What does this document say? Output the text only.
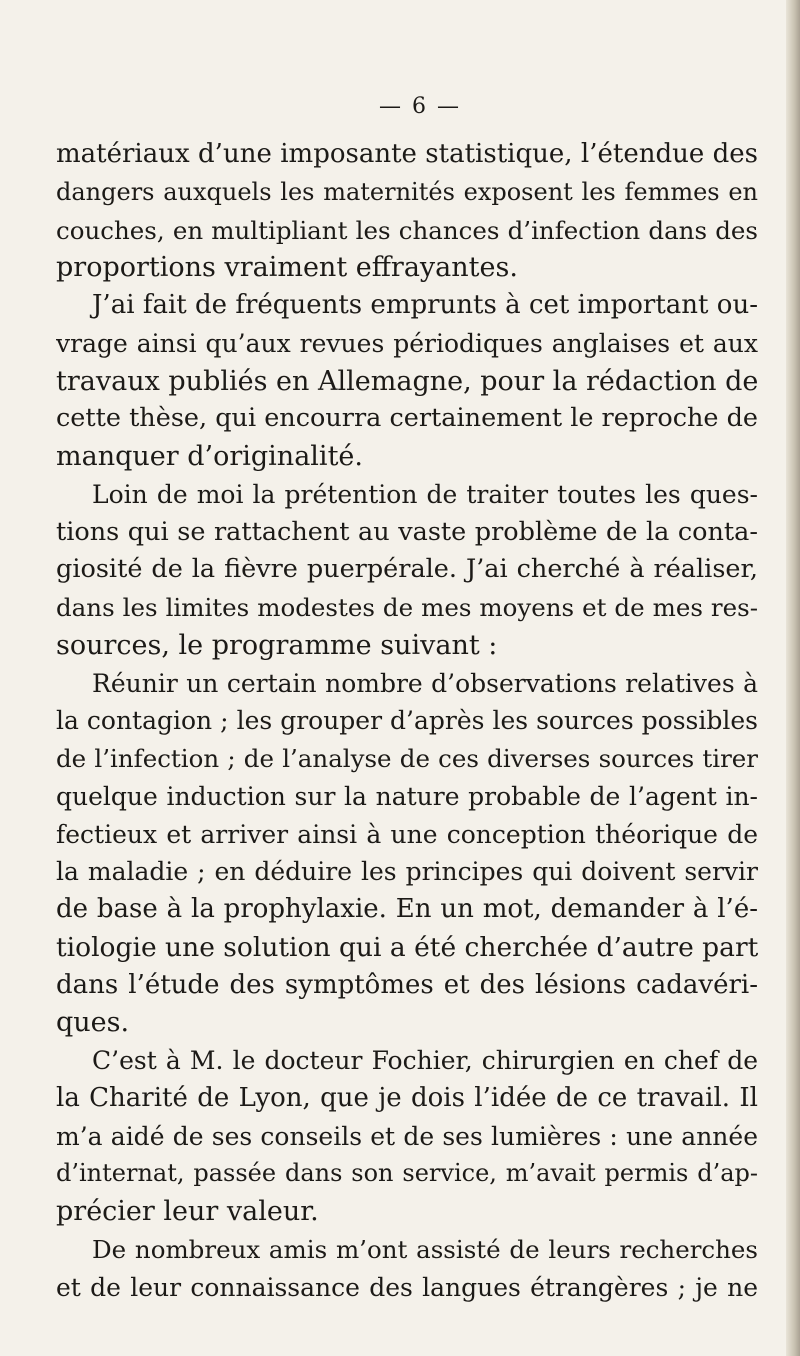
— 6 —
matériaux d’une imposante statistique, l’étendue des
dangers auxquels les maternités exposent les femmes en
couches, en multipliant les chances d’infection dans des
proportions vraiment effrayantes.
J’ai fait de fréquents emprunts à cet important ou-
vrage ainsi qu’aux revues périodiques anglaises et aux
travaux publiés en Allemagne, pour la rédaction de
cette thèse, qui encourra certainement le reproche de
manquer d’originalité.
Loin de moi la prétention de traiter toutes les ques-
tions qui se rattachent au vaste problème de la conta-
giosité de la fièvre puerpérale. J’ai cherché à réaliser,
dans les limites modestes de mes moyens et de mes res-
sources, le programme suivant :
Réunir un certain nombre d’observations relatives à
la contagion ; les grouper d’après les sources possibles
de l’infection ; de l’analyse de ces diverses sources tirer
quelque induction sur la nature probable de l’agent in-
fectieux et arriver ainsi à une conception théorique de
la maladie ; en déduire les principes qui doivent servir
de base à la prophylaxie. En un mot, demander à l’é-
tiologie une solution qui a été cherchée d’autre part
dans l’étude des symptômes et des lésions cadavéri-
ques.
C’est à M. le docteur Fochier, chirurgien en chef de
la Charité de Lyon, que je dois l’idée de ce travail. Il
m’a aidé de ses conseils et de ses lumières : une année
d’internat, passée dans son service, m’avait permis d’ap-
précier leur valeur.
De nombreux amis m’ont assisté de leurs recherches
et de leur connaissance des langues étrangères ; je ne
